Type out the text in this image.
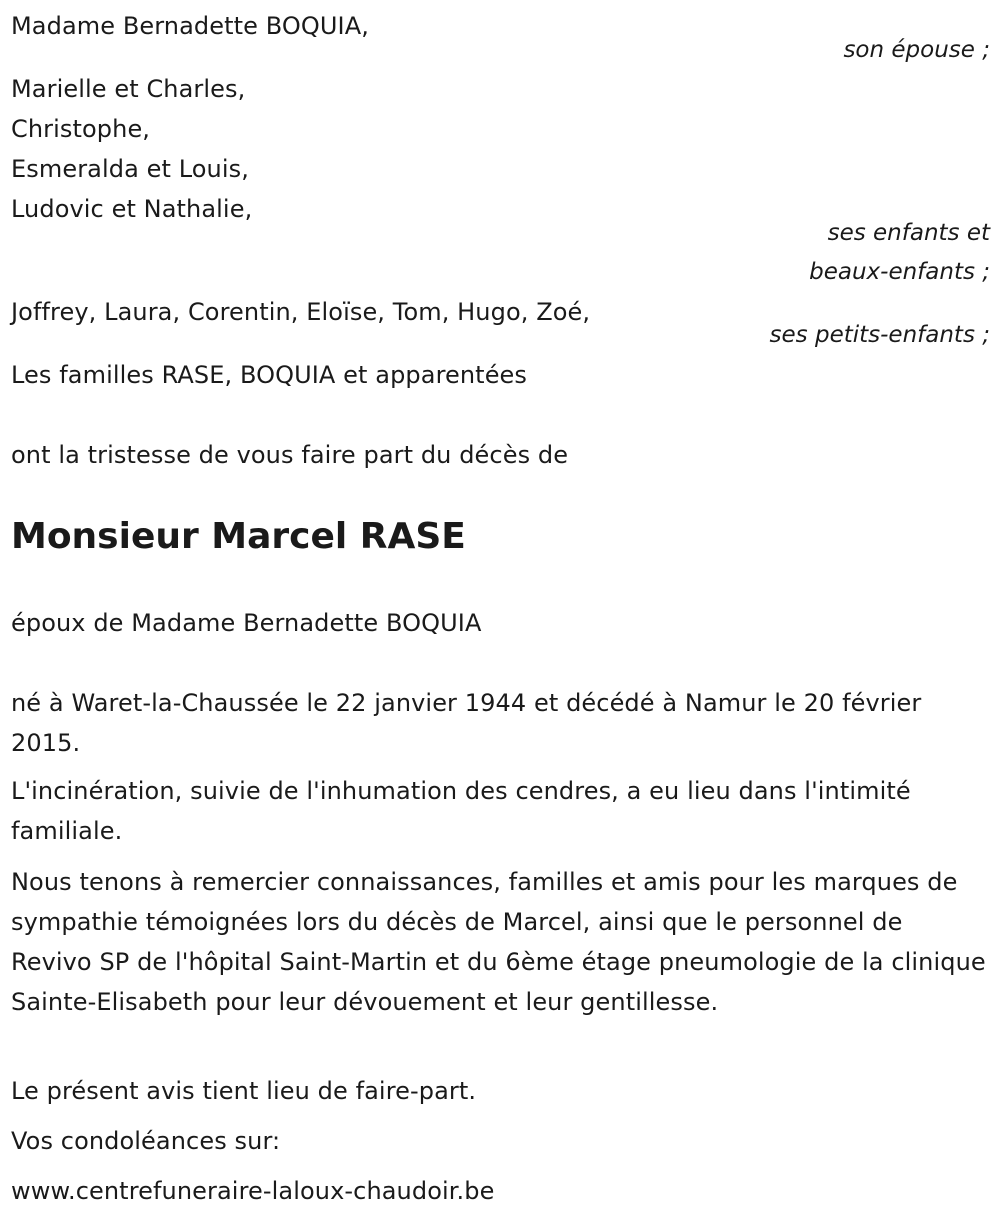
Madame Bernadette BOQUIA,
son épouse ;
Marielle et Charles,
Christophe,
Esmeralda et Louis,
Ludovic et Nathalie,
ses enfants et
beaux-enfants ;
Joffrey, Laura, Corentin, Eloïse, Tom, Hugo, Zoé,
ses petits-enfants ;
Les familles RASE, BOQUIA et apparentées
ont la tristesse de vous faire part du décès de
Monsieur Marcel RASE
époux de Madame Bernadette BOQUIA
né à Waret-la-Chaussée le 22 janvier 1944 et décédé à Namur le 20 février 2015.
L'incinération, suivie de l'inhumation des cendres, a eu lieu dans l'intimité familiale.
Nous tenons à remercier connaissances, familles et amis pour les marques de sympathie témoignées lors du décès de Marcel, ainsi que le personnel de Revivo SP de l'hôpital Saint-Martin et du 6ème étage pneumologie de la clinique Sainte-Elisabeth pour leur dévouement et leur gentillesse.
Le présent avis tient lieu de faire-part.
Vos condoléances sur:
www.centrefuneraire-laloux-chaudoir.be
